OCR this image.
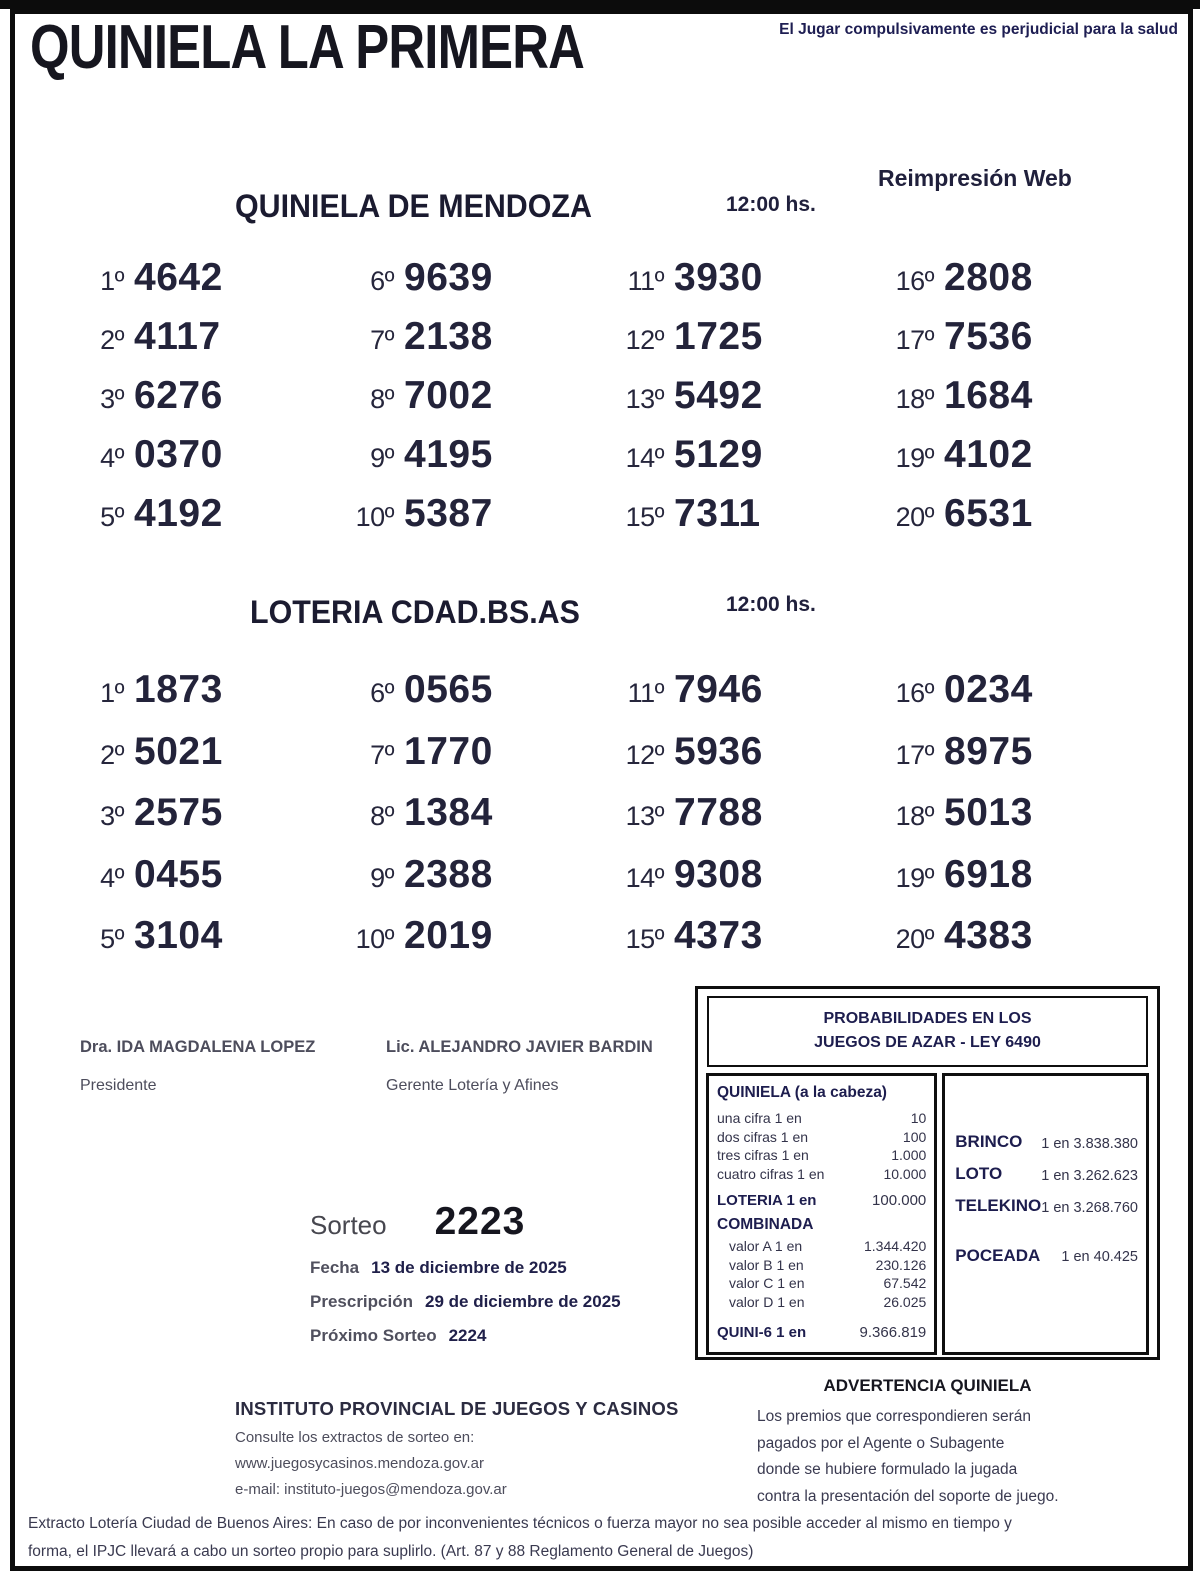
QUINIELA LA PRIMERA	El Jugar compulsivamente es perjudicial para la salud
Reimpresión Web
QUINIELA DE MENDOZA	12:00 hs.
1º 4642
2º 4117
3º 6276
4º 0370
5º 4192
6º 9639
7º 2138
8º 7002
9º 4195
10º 5387
11º 3930
12º 1725
13º 5492
14º 5129
15º 7311
16º 2808
17º 7536
18º 1684
19º 4102
20º 6531
LOTERIA CDAD.BS.AS	12:00 hs.
1º 1873
2º 5021
3º 2575
4º 0455
5º 3104
6º 0565
7º 1770
8º 1384
9º 2388
10º 2019
11º 7946
12º 5936
13º 7788
14º 9308
15º 4373
16º 0234
17º 8975
18º 5013
19º 6918
20º 4383
Dra. IDA MAGDALENA LOPEZ
Presidente
Lic. ALEJANDRO JAVIER BARDIN
Gerente Lotería y Afines
Sorteo 2223
Fecha 13 de diciembre de 2025
Prescripción 29 de diciembre de 2025
Próximo Sorteo 2224
PROBABILIDADES EN LOS
JUEGOS DE AZAR - LEY 6490
QUINIELA (a la cabeza)
una cifra 1 en	10
dos cifras 1 en	100
tres cifras 1 en	1.000
cuatro cifras 1 en	10.000
LOTERIA 1 en	100.000
COMBINADA
valor A 1 en	1.344.420
valor B 1 en	230.126
valor C 1 en	67.542
valor D 1 en	26.025
QUINI-6 1 en	9.366.819
BRINCO 1 en 3.838.380
LOTO	1 en 3.262.623
TELEKINO 1 en 3.268.760
POCEADA 1 en 40.425
ADVERTENCIA QUINIELA
Los premios que correspondieren serán
pagados por el Agente o Subagente
donde se hubiere formulado la jugada
contra la presentación del soporte de juego.
INSTITUTO PROVINCIAL DE JUEGOS Y CASINOS
Consulte los extractos de sorteo en:
www.juegosycasinos.mendoza.gov.ar
e-mail: instituto-juegos@mendoza.gov.ar
Extracto Lotería Ciudad de Buenos Aires: En caso de por inconvenientes técnicos o fuerza mayor no sea posible acceder al mismo en tiempo y
forma, el IPJC llevará a cabo un sorteo propio para suplirlo. (Art. 87 y 88 Reglamento General de Juegos)
